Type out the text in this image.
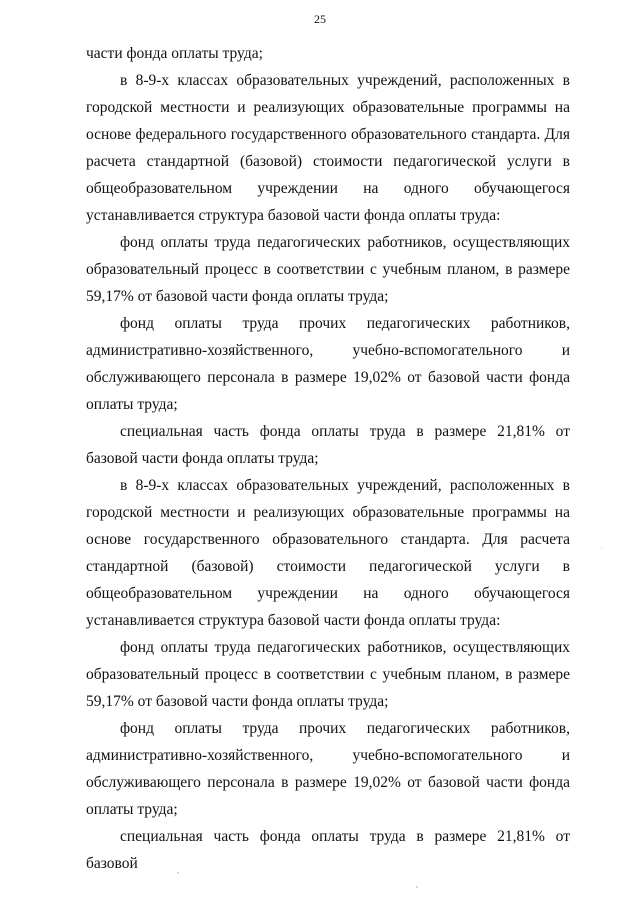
25

части фонда оплаты труда;

в 8-9-х классах образовательных учреждений, расположенных в городской местности и реализующих образовательные программы на основе федерального государственного образовательного стандарта. Для расчета стандартной (базовой) стоимости педагогической услуги в общеобразовательном учреждении на одного обучающегося устанавливается структура базовой части фонда оплаты труда:

фонд оплаты труда педагогических работников, осуществляющих образовательный процесс в соответствии с учебным планом, в размере 59,17% от базовой части фонда оплаты труда;

фонд оплаты труда прочих педагогических работников, административно-хозяйственного, учебно-вспомогательного и обслуживающего персонала в размере 19,02% от базовой части фонда оплаты труда;

специальная часть фонда оплаты труда в размере 21,81% от базовой части фонда оплаты труда;

в 8-9-х классах образовательных учреждений, расположенных в городской местности и реализующих образовательные программы на основе государственного образовательного стандарта. Для расчета стандартной (базовой) стоимости педагогической услуги в общеобразовательном учреждении на одного обучающегося устанавливается структура базовой части фонда оплаты труда:

фонд оплаты труда педагогических работников, осуществляющих образовательный процесс в соответствии с учебным планом, в размере 59,17% от базовой части фонда оплаты труда;

фонд оплаты труда прочих педагогических работников, административно-хозяйственного, учебно-вспомогательного и обслуживающего персонала в размере 19,02% от базовой части фонда оплаты труда;

специальная часть фонда оплаты труда в размере 21,81% от базовой
